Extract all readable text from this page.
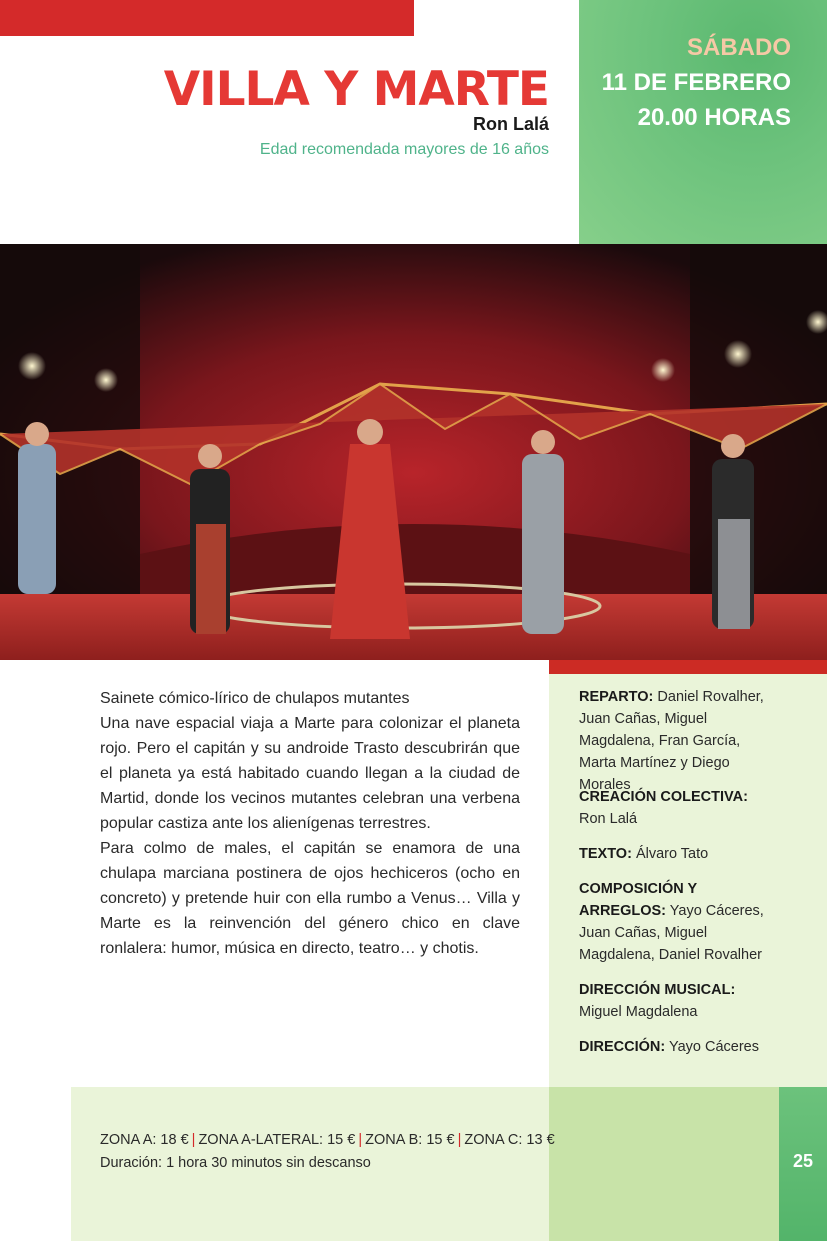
VILLA Y MARTE

Ron Lalá

Edad recomendada mayores de 16 años

SÁBADO

11 DE FEBRERO

20.00 HORAS

Sainete cómico-lírico de chulapos mutantes

Una nave espacial viaja a Marte para colonizar el planeta rojo. Pero el capitán y su androide Trasto descubrirán que el planeta ya está habitado cuando llegan a la ciudad de Martid, donde los vecinos mutantes celebran una verbena popular castiza ante los alienígenas terrestres.

Para colmo de males, el capitán se enamora de una chulapa marciana postinera de ojos hechiceros (ocho en concreto) y pretende huir con ella rumbo a Venus… Villa y Marte es la reinvención del género chico en clave ronlalera: humor, música en directo, teatro… y chotis.

REPARTO: Daniel Rovalher, Juan Cañas, Miguel Magdalena, Fran García, Marta Martínez y Diego Morales

CREACIÓN COLECTIVA: Ron Lalá

TEXTO: Álvaro Tato

COMPOSICIÓN Y ARREGLOS: Yayo Cáceres, Juan Cañas, Miguel Magdalena, Daniel Rovalher

DIRECCIÓN MUSICAL: Miguel Magdalena

DIRECCIÓN: Yayo Cáceres

25

ZONA A: 18 € | ZONA A-LATERAL: 15 € | ZONA B: 15 € | ZONA C: 13 €

Duración: 1 hora 30 minutos sin descanso
